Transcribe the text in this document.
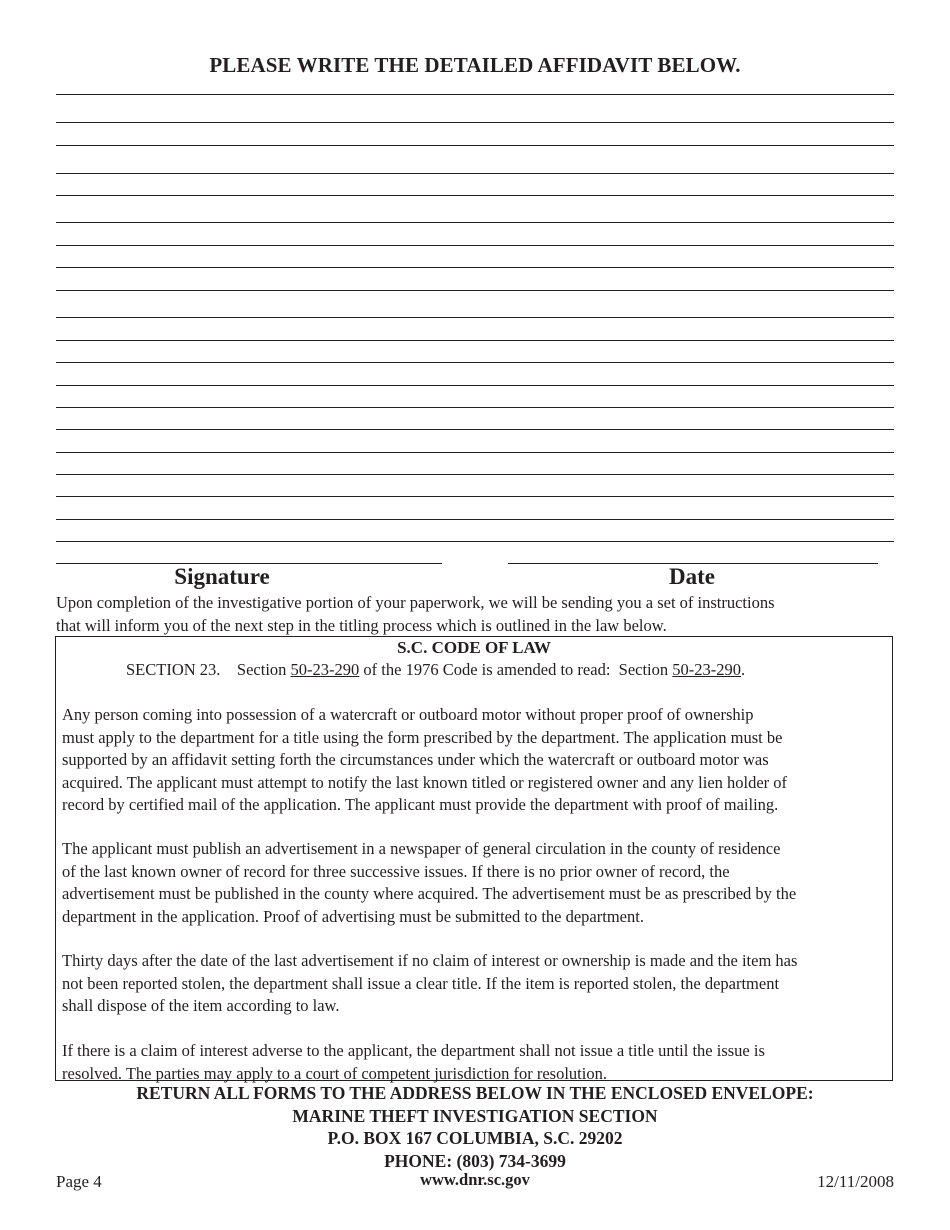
PLEASE WRITE THE DETAILED AFFIDAVIT BELOW.
Signature	Date
Upon completion of the investigative portion of your paperwork, we will be sending you a set of instructions
that will inform you of the next step in the titling process which is outlined in the law below.
S.C. CODE OF LAW
SECTION 23.    Section 50-23-290 of the 1976 Code is amended to read:  Section 50-23-290.
Any person coming into possession of a watercraft or outboard motor without proper proof of ownership
must apply to the department for a title using the form prescribed by the department. The application must be
supported by an affidavit setting forth the circumstances under which the watercraft or outboard motor was
acquired. The applicant must attempt to notify the last known titled or registered owner and any lien holder of
record by certified mail of the application. The applicant must provide the department with proof of mailing.
The applicant must publish an advertisement in a newspaper of general circulation in the county of residence
of the last known owner of record for three successive issues. If there is no prior owner of record, the
advertisement must be published in the county where acquired. The advertisement must be as prescribed by the
department in the application. Proof of advertising must be submitted to the department.
Thirty days after the date of the last advertisement if no claim of interest or ownership is made and the item has
not been reported stolen, the department shall issue a clear title. If the item is reported stolen, the department
shall dispose of the item according to law.
If there is a claim of interest adverse to the applicant, the department shall not issue a title until the issue is
resolved. The parties may apply to a court of competent jurisdiction for resolution.
RETURN ALL FORMS TO THE ADDRESS BELOW IN THE ENCLOSED ENVELOPE:
MARINE THEFT INVESTIGATION SECTION
P.O. BOX 167 COLUMBIA, S.C. 29202
PHONE: (803) 734-3699
www.dnr.sc.gov
Page 4	12/11/2008
